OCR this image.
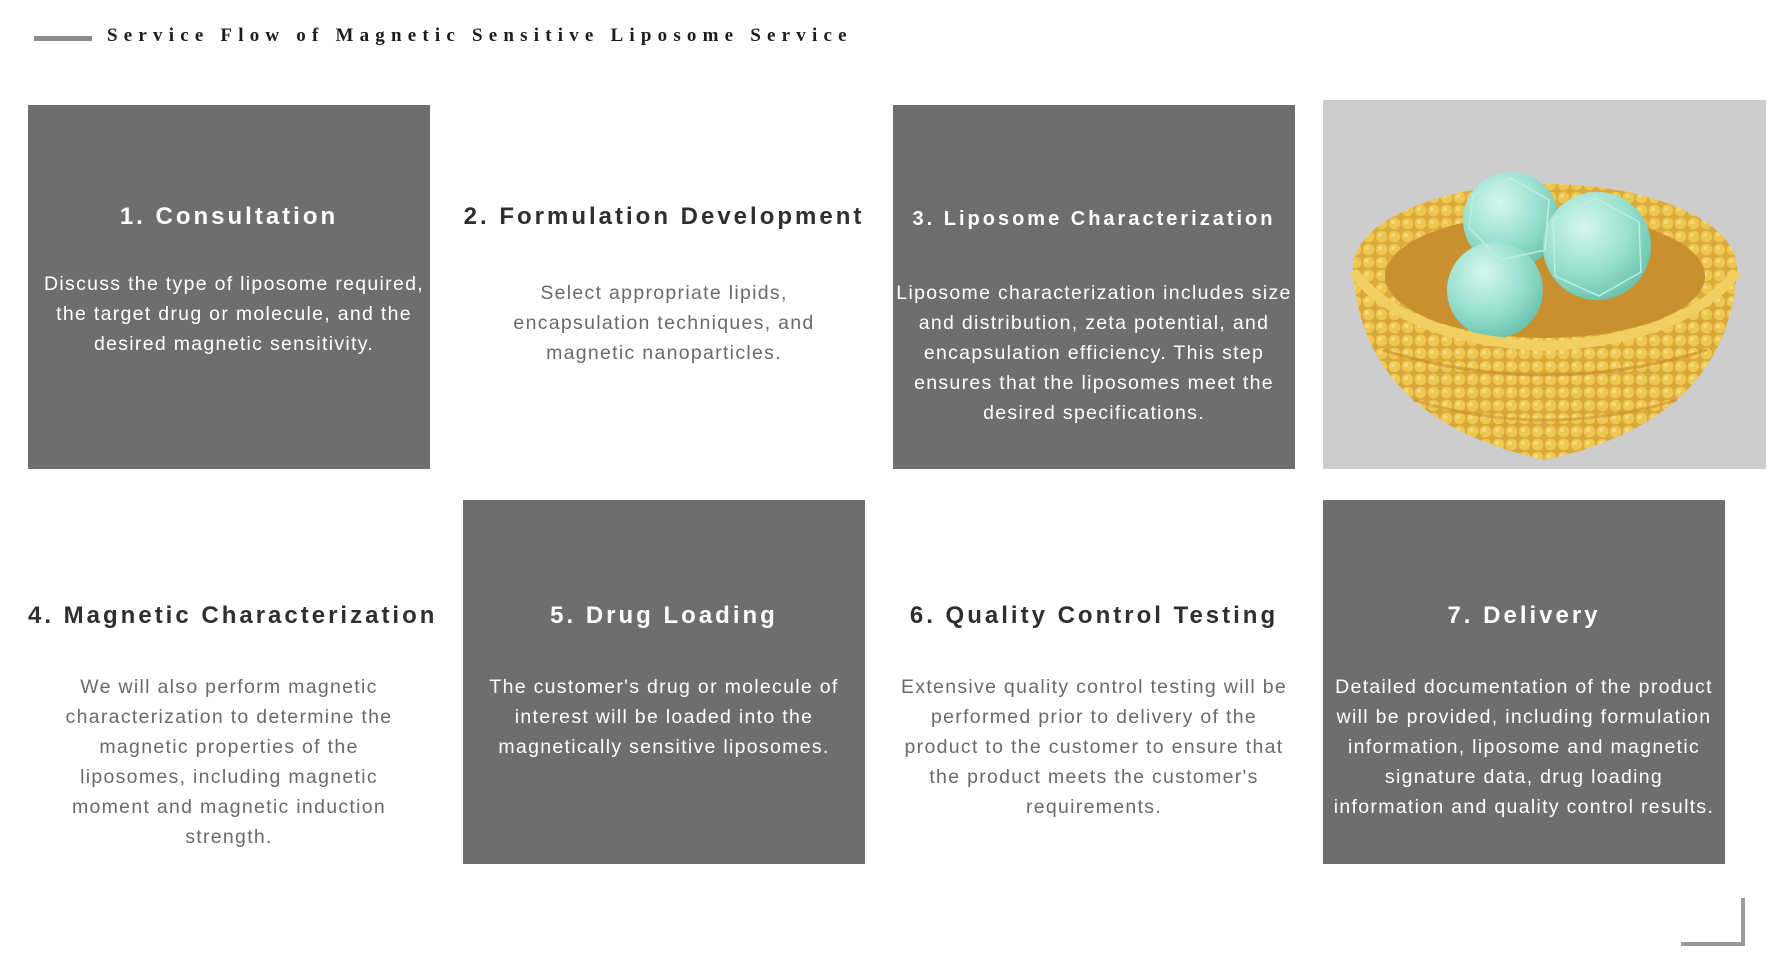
Service Flow of Magnetic Sensitive Liposome Service
1. Consultation
Discuss the type of liposome required, the target drug or molecule, and the desired magnetic sensitivity.
2. Formulation Development
Select appropriate lipids, encapsulation techniques, and magnetic nanoparticles.
3. Liposome Characterization
Liposome characterization includes size and distribution, zeta potential, and encapsulation efficiency. This step ensures that the liposomes meet the desired specifications.
4. Magnetic Characterization
We will also perform magnetic characterization to determine the magnetic properties of the liposomes, including magnetic moment and magnetic induction strength.
5. Drug Loading
The customer's drug or molecule of interest will be loaded into the magnetically sensitive liposomes.
6. Quality Control Testing
Extensive quality control testing will be performed prior to delivery of the product to the customer to ensure that the product meets the customer's requirements.
7. Delivery
Detailed documentation of the product will be provided, including formulation information, liposome and magnetic signature data, drug loading information and quality control results.
